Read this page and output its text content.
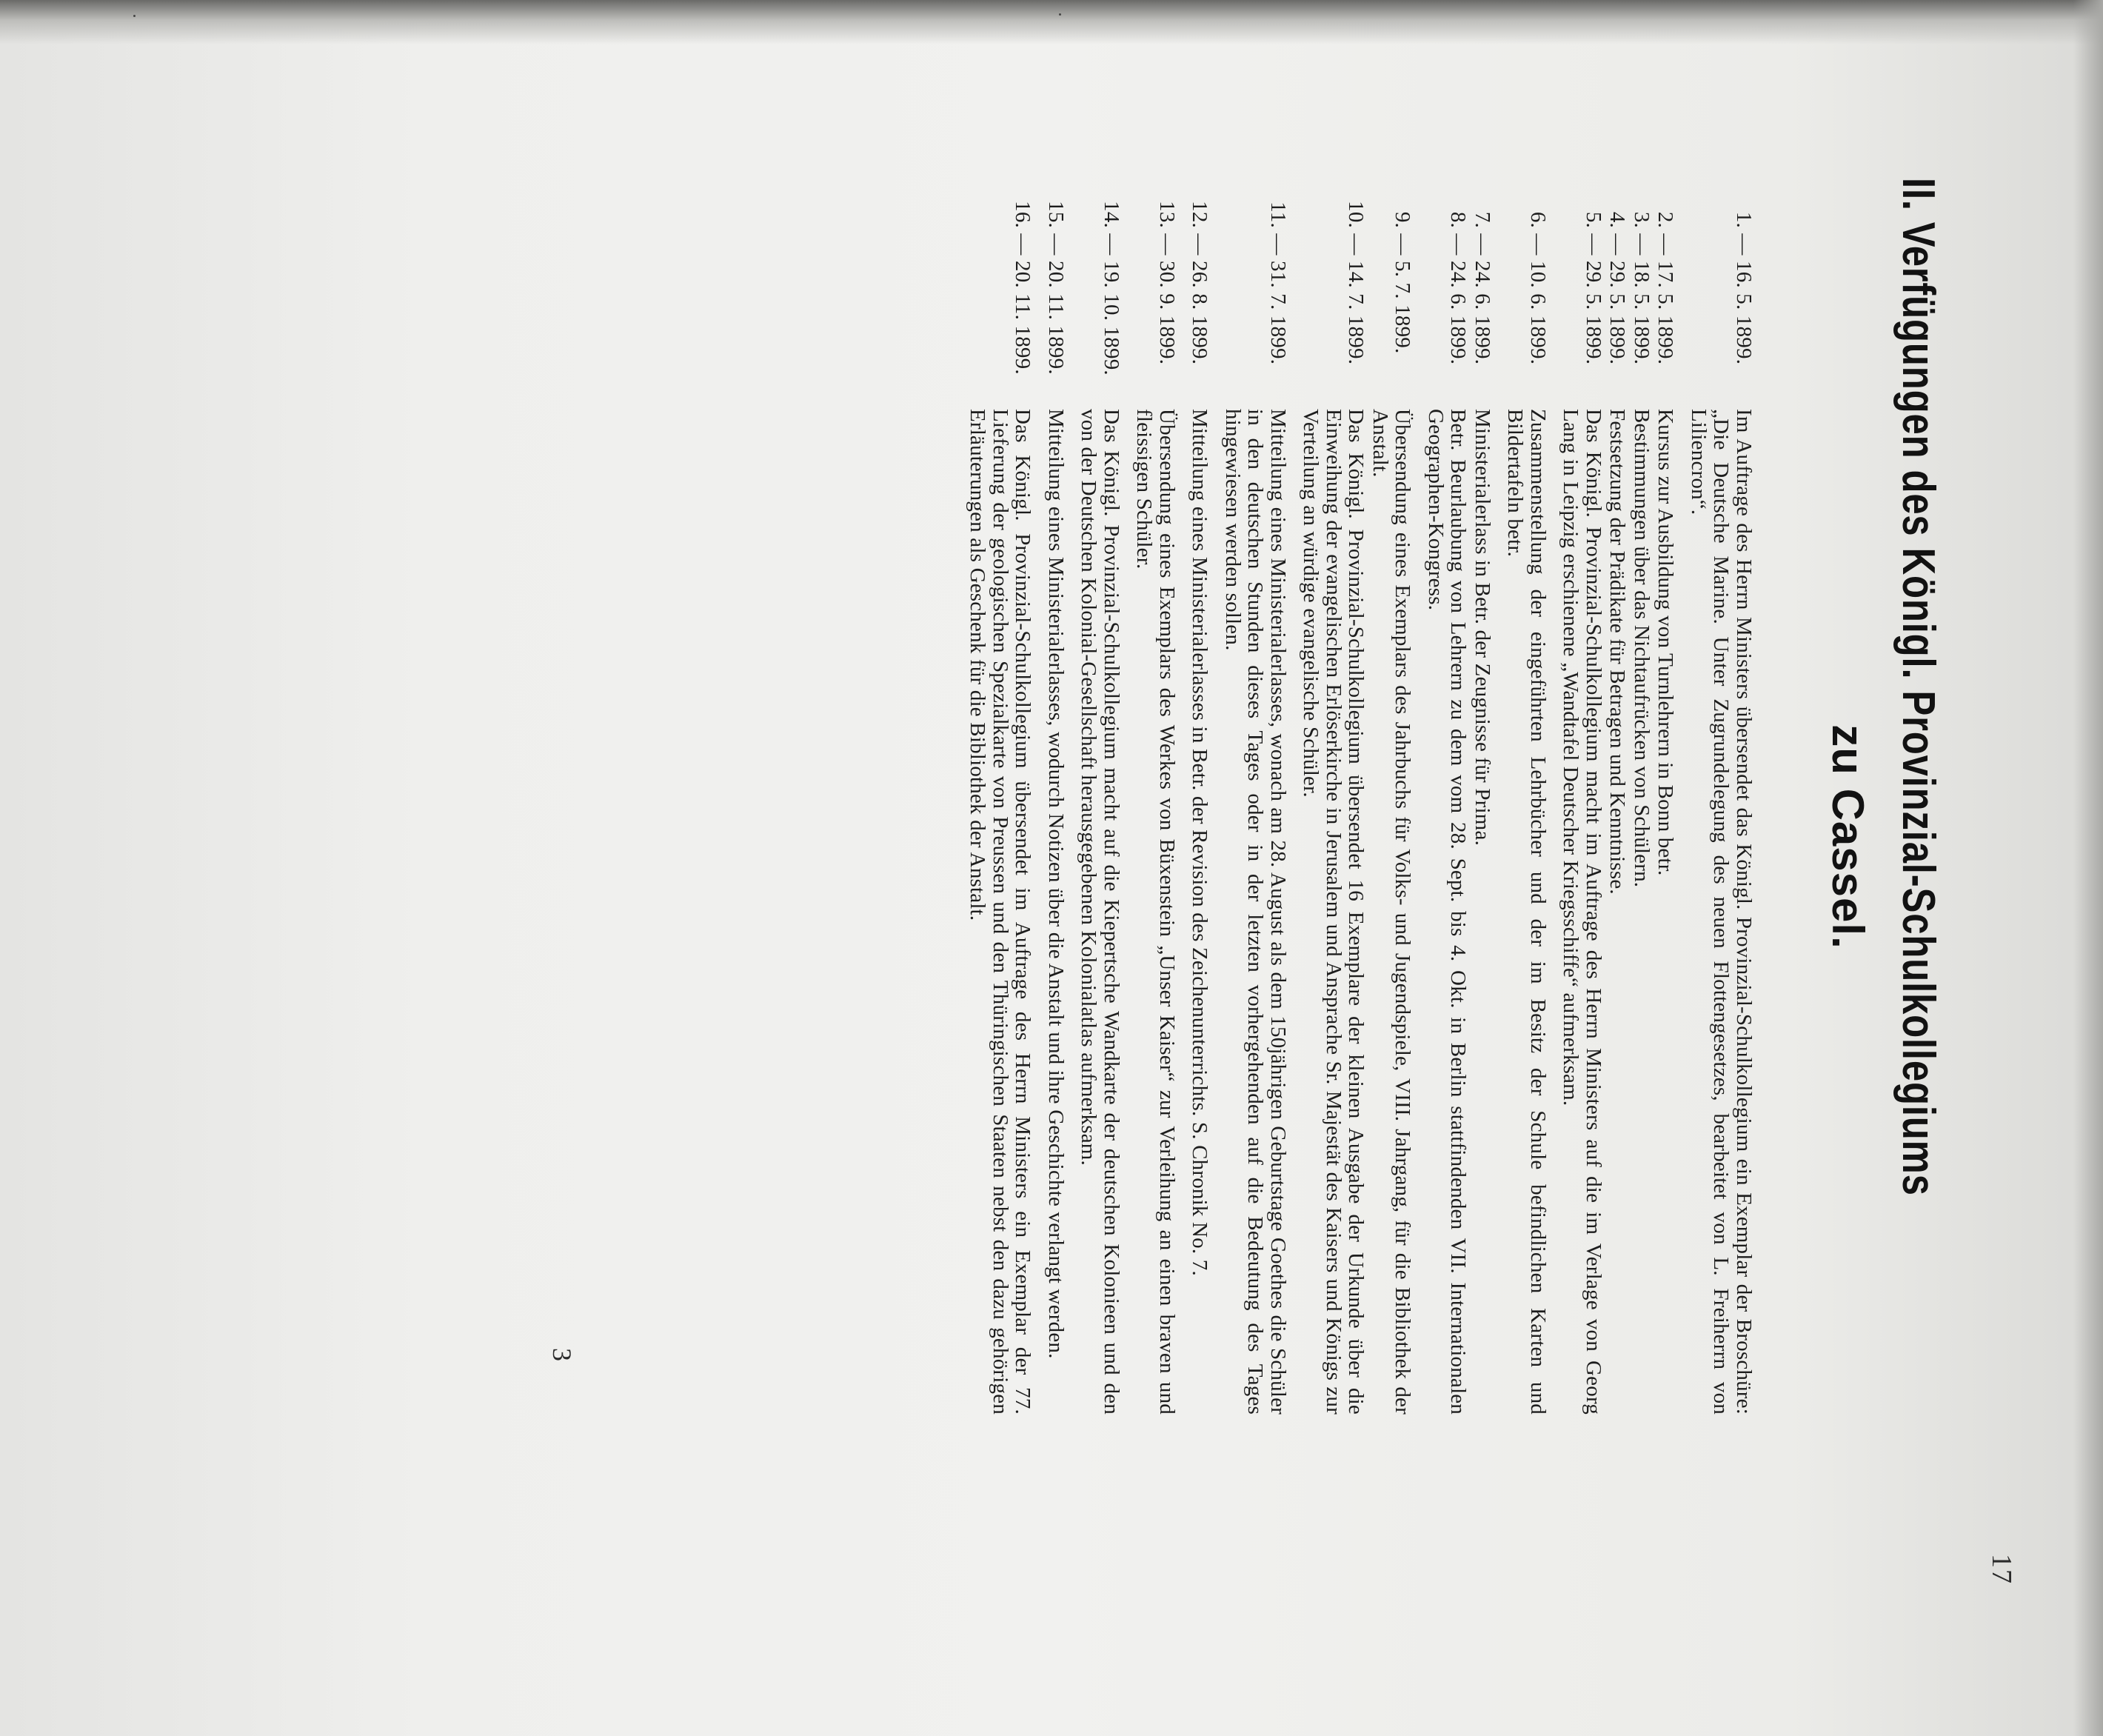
17
II. Verfügungen des Königl. Provinzial-Schulkollegiums
zu Cassel.
1.
—
16. 5. 1899.
Im Auftrage des Herrn Ministers übersendet das Königl. Provinzial-Schulkollegium ein Exemplar der Broschüre: „Die Deutsche Marine. Unter Zugrundelegung des neuen Flottengesetzes, bearbeitet von L. Freiherrn von Liliencron“.
2.
—
17. 5. 1899.
Kursus zur Ausbildung von Turnlehrern in Bonn betr.
3.
—
18. 5. 1899.
Bestimmungen über das Nichtaufrücken von Schülern.
4.
—
29. 5. 1899.
Festsetzung der Prädikate für Betragen und Kenntnisse.
5.
—
29. 5. 1899.
Das Königl. Provinzial-Schulkollegium macht im Auftrage des Herrn Ministers auf die im Verlage von Georg Lang in Leipzig erschienene „Wandtafel Deutscher Kriegsschiffe“ aufmerksam.
6.
—
10. 6. 1899.
Zusammenstellung der eingeführten Lehrbücher und der im Besitz der Schule befindlichen Karten und Bildertafeln betr.
7.
—
24. 6. 1899.
Ministerialerlass in Betr. der Zeugnisse für Prima.
8.
—
24. 6. 1899.
Betr. Beurlaubung von Lehrern zu dem vom 28. Sept. bis 4. Okt. in Berlin stattfindenden VII. Internationalen Geographen-Kongress.
9.
—
5. 7. 1899.
Übersendung eines Exemplars des Jahrbuchs für Volks- und Jugendspiele, VIII. Jahrgang, für die Bibliothek der Anstalt.
10.
—
14. 7. 1899.
Das Königl. Provinzial-Schulkollegium übersendet 16 Exemplare der kleinen Ausgabe der Urkunde über die Einweihung der evangelischen Erlöserkirche in Jerusalem und Ansprache Sr. Majestät des Kaisers und Königs zur Verteilung an würdige evangelische Schüler.
11.
—
31. 7. 1899.
Mitteilung eines Ministerialerlasses, wonach am 28. August als dem 150jährigen Geburtstage Goethes die Schüler in den deutschen Stunden dieses Tages oder in der letzten vorhergehenden auf die Bedeutung des Tages hingewiesen werden sollen.
12.
—
26. 8. 1899.
Mitteilung eines Ministerialerlasses in Betr. der Revision des Zeichenunterrichts. S. Chronik No. 7.
13.
—
30. 9. 1899.
Übersendung eines Exemplars des Werkes von Büxenstein „Unser Kaiser“ zur Verleihung an einen braven und fleissigen Schüler.
14.
—
19. 10. 1899.
Das Königl. Provinzial-Schulkollegium macht auf die Kiepertsche Wandkarte der deutschen Kolonieen und den von der Deutschen Kolonial-Gesellschaft herausgegebenen Kolonialatlas aufmerksam.
15.
—
20. 11. 1899.
Mitteilung eines Ministerialerlasses, wodurch Notizen über die Anstalt und ihre Geschichte verlangt werden.
16.
—
20. 11. 1899.
Das Königl. Provinzial-Schulkollegium übersendet im Auftrage des Herrn Ministers ein Exemplar der 77. Lieferung der geologischen Spezialkarte von Preussen und den Thüringischen Staaten nebst den dazu gehörigen Erläuterungen als Geschenk für die Bibliothek der Anstalt.
3
